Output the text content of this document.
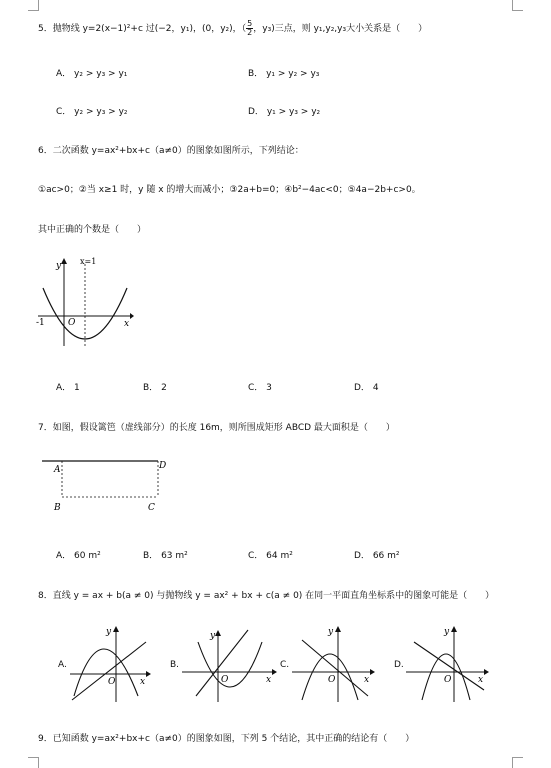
5．抛物线 y=2(x−1)²+c 过(−2，y₁)，(0，y₂)，（ $\frac{5}{2}$ ，y₃)三点，则 y₁,y₂,y₃大小关系是（　　）
A． y₂ > y₃ > y₁	B． y₁ > y₂ > y₃
C． y₂ > y₃ > y₂	D． y₁ > y₃ > y₂
6．二次函数 y=ax²+bx+c（a≠0）的图象如图所示，下列结论：
①ac>0；②当 x≥1 时，y 随 x 的增大而减小；③2a+b=0；④b²−4ac<0；⑤4a−2b+c>0。
其中正确的个数是（　　）
y x=1
-1	O	x
A． 1	B． 2	C． 3	D． 4
7．如图，假设篱笆（虚线部分）的长度 16m，则所围成矩形 ABCD 最大面积是（　　）
A
B	C
D
A． 60 m²	B． 63 m²	C． 64 m²	D． 66 m²
8．直线 y = ax + b(a ≠ 0) 与抛物线 y = ax² + bx + c(a ≠ 0) 在同一平面直角坐标系中的图象可能是（　　）
A.
y
O	x
B.
y
O	x
C.
y
O	x
D.
y
O	x
9．已知函数 y=ax²+bx+c（a≠0）的图象如图，下列 5 个结论，其中正确的结论有（　　）
